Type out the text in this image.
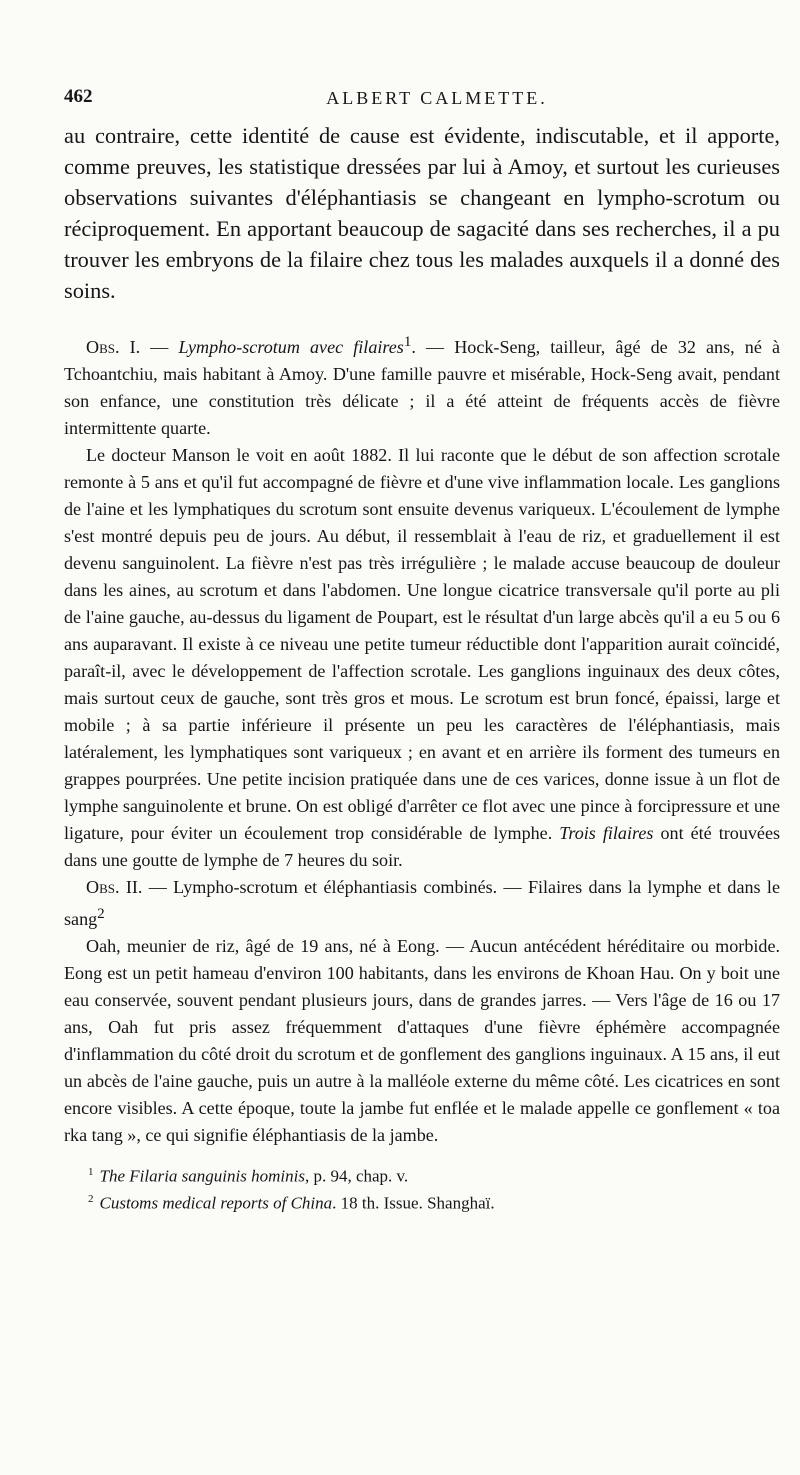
462	ALBERT CALMETTE.

au contraire, cette identité de cause est évidente, indiscutable, et il apporte, comme preuves, les statistique dressées par lui à Amoy, et surtout les curieuses observations suivantes d'éléphantiasis se changeant en lympho-scrotum ou réciproquement. En apportant beaucoup de sagacité dans ses recherches, il a pu trouver les embryons de la filaire chez tous les malades auxquels il a donné des soins.

Obs. I. — Lympho-scrotum avec filaires$^1$. — Hock-Seng, tailleur, âgé de 32 ans, né à Tchoantchiu, mais habitant à Amoy. D'une famille pauvre et misérable, Hock-Seng avait, pendant son enfance, une constitution très délicate ; il a été atteint de fréquents accès de fièvre intermittente quarte.

Le docteur Manson le voit en août 1882. Il lui raconte que le début de son affection scrotale remonte à 5 ans et qu'il fut accompagné de fièvre et d'une vive inflammation locale. Les ganglions de l'aine et les lymphatiques du scrotum sont ensuite devenus variqueux. L'écoulement de lymphe s'est montré depuis peu de jours. Au début, il ressemblait à l'eau de riz, et graduellement il est devenu sanguinolent. La fièvre n'est pas très irrégulière ; le malade accuse beaucoup de douleur dans les aines, au scrotum et dans l'abdomen. Une longue cicatrice transversale qu'il porte au pli de l'aine gauche, au-dessus du ligament de Poupart, est le résultat d'un large abcès qu'il a eu 5 ou 6 ans auparavant. Il existe à ce niveau une petite tumeur réductible dont l'apparition aurait coïncidé, paraît-il, avec le développement de l'affection scrotale. Les ganglions inguinaux des deux côtes, mais surtout ceux de gauche, sont très gros et mous. Le scrotum est brun foncé, épaissi, large et mobile ; à sa partie inférieure il présente un peu les caractères de l'éléphantiasis, mais latéralement, les lymphatiques sont variqueux ; en avant et en arrière ils forment des tumeurs en grappes pourprées. Une petite incision pratiquée dans une de ces varices, donne issue à un flot de lymphe sanguinolente et brune. On est obligé d'arrêter ce flot avec une pince à forcipressure et une ligature, pour éviter un écoulement trop considérable de lymphe. Trois filaires ont été trouvées dans une goutte de lymphe de 7 heures du soir.

Obs. II. — Lympho-scrotum et éléphantiasis combinés. — Filaires dans la lymphe et dans le sang$^2$

Oah, meunier de riz, âgé de 19 ans, né à Eong. — Aucun antécédent héréditaire ou morbide. Eong est un petit hameau d'environ 100 habitants, dans les environs de Khoan Hau. On y boit une eau conservée, souvent pendant plusieurs jours, dans de grandes jarres. — Vers l'âge de 16 ou 17 ans, Oah fut pris assez fréquemment d'attaques d'une fièvre éphémère accompagnée d'inflammation du côté droit du scrotum et de gonflement des ganglions inguinaux. A 15 ans, il eut un abcès de l'aine gauche, puis un autre à la malléole externe du même côté. Les cicatrices en sont encore visibles. A cette époque, toute la jambe fut enflée et le malade appelle ce gonflement « toa rka tang », ce qui signifie éléphantiasis de la jambe.

$^1$ The Filaria sanguinis hominis, p. 94, chap. v.
$^2$ Customs medical reports of China. 18 th. Issue. Shanghaï.
